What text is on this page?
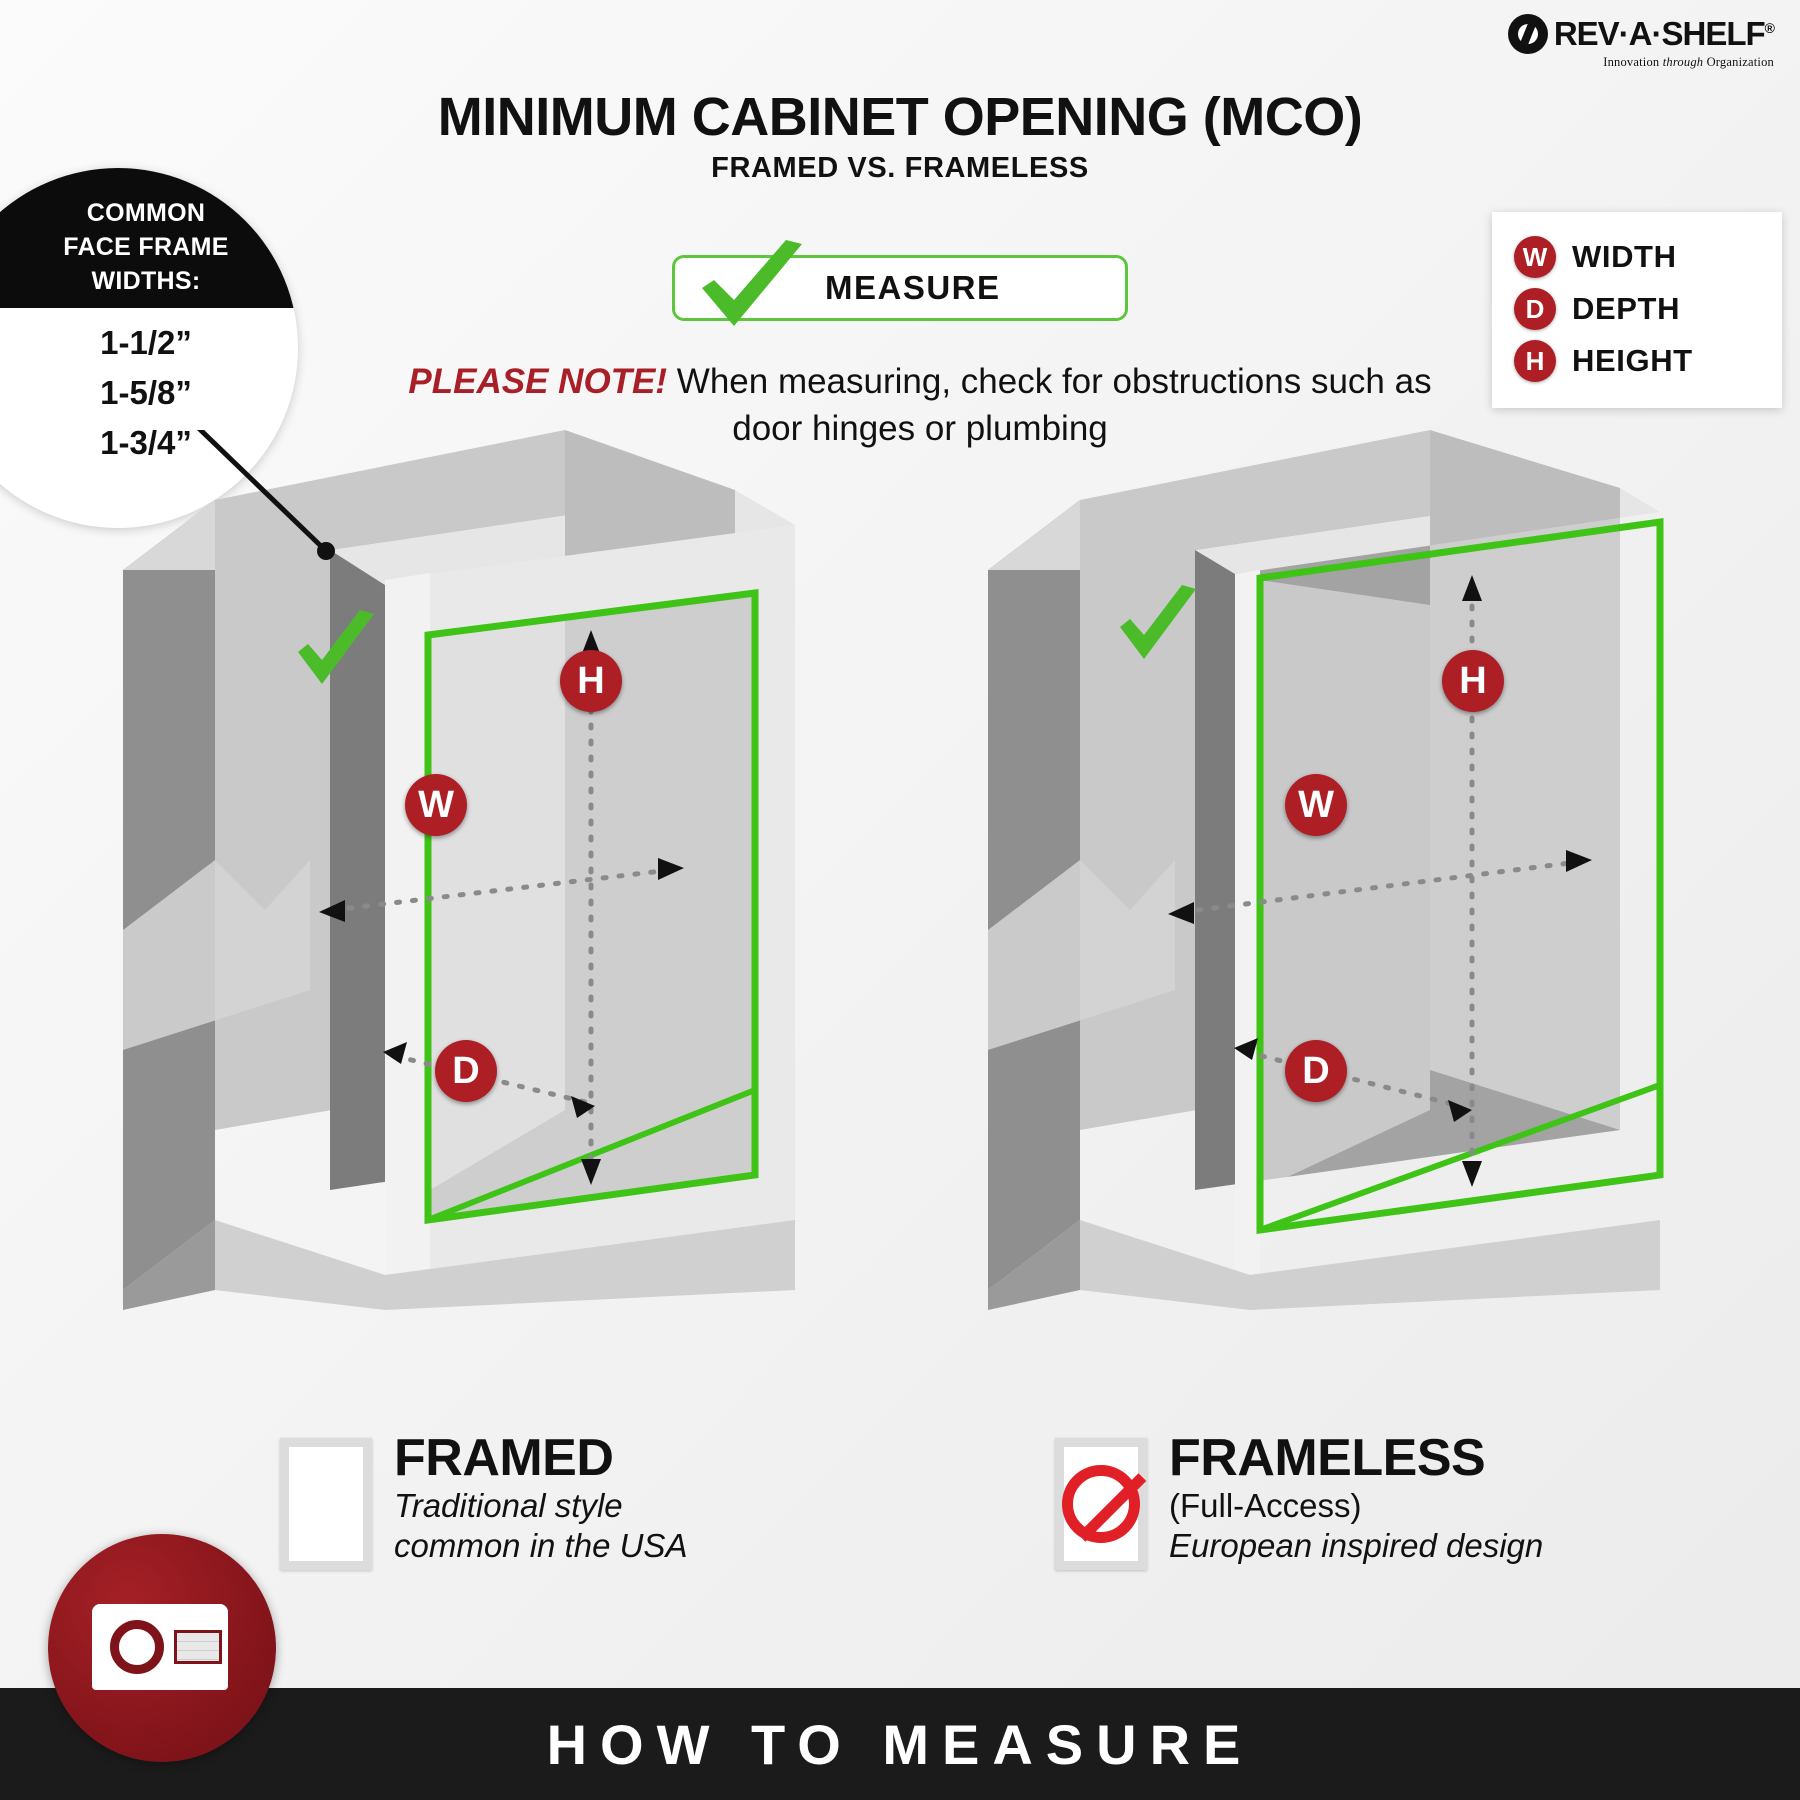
REV·A·SHELF®
Innovation through Organization
MINIMUM CABINET OPENING (MCO)
FRAMED VS. FRAMELESS
COMMON
FACE FRAME
WIDTHS:
1-1/2”
1-5/8”
1-3/4”
MEASURE
PLEASE NOTE! When measuring, check for obstructions such as door hinges or plumbing
W WIDTH
D DEPTH
H HEIGHT
H
W
D
H
W
D
FRAMED
Traditional style
common in the USA
FRAMELESS
(Full-Access)
European inspired design
HOW TO MEASURE
